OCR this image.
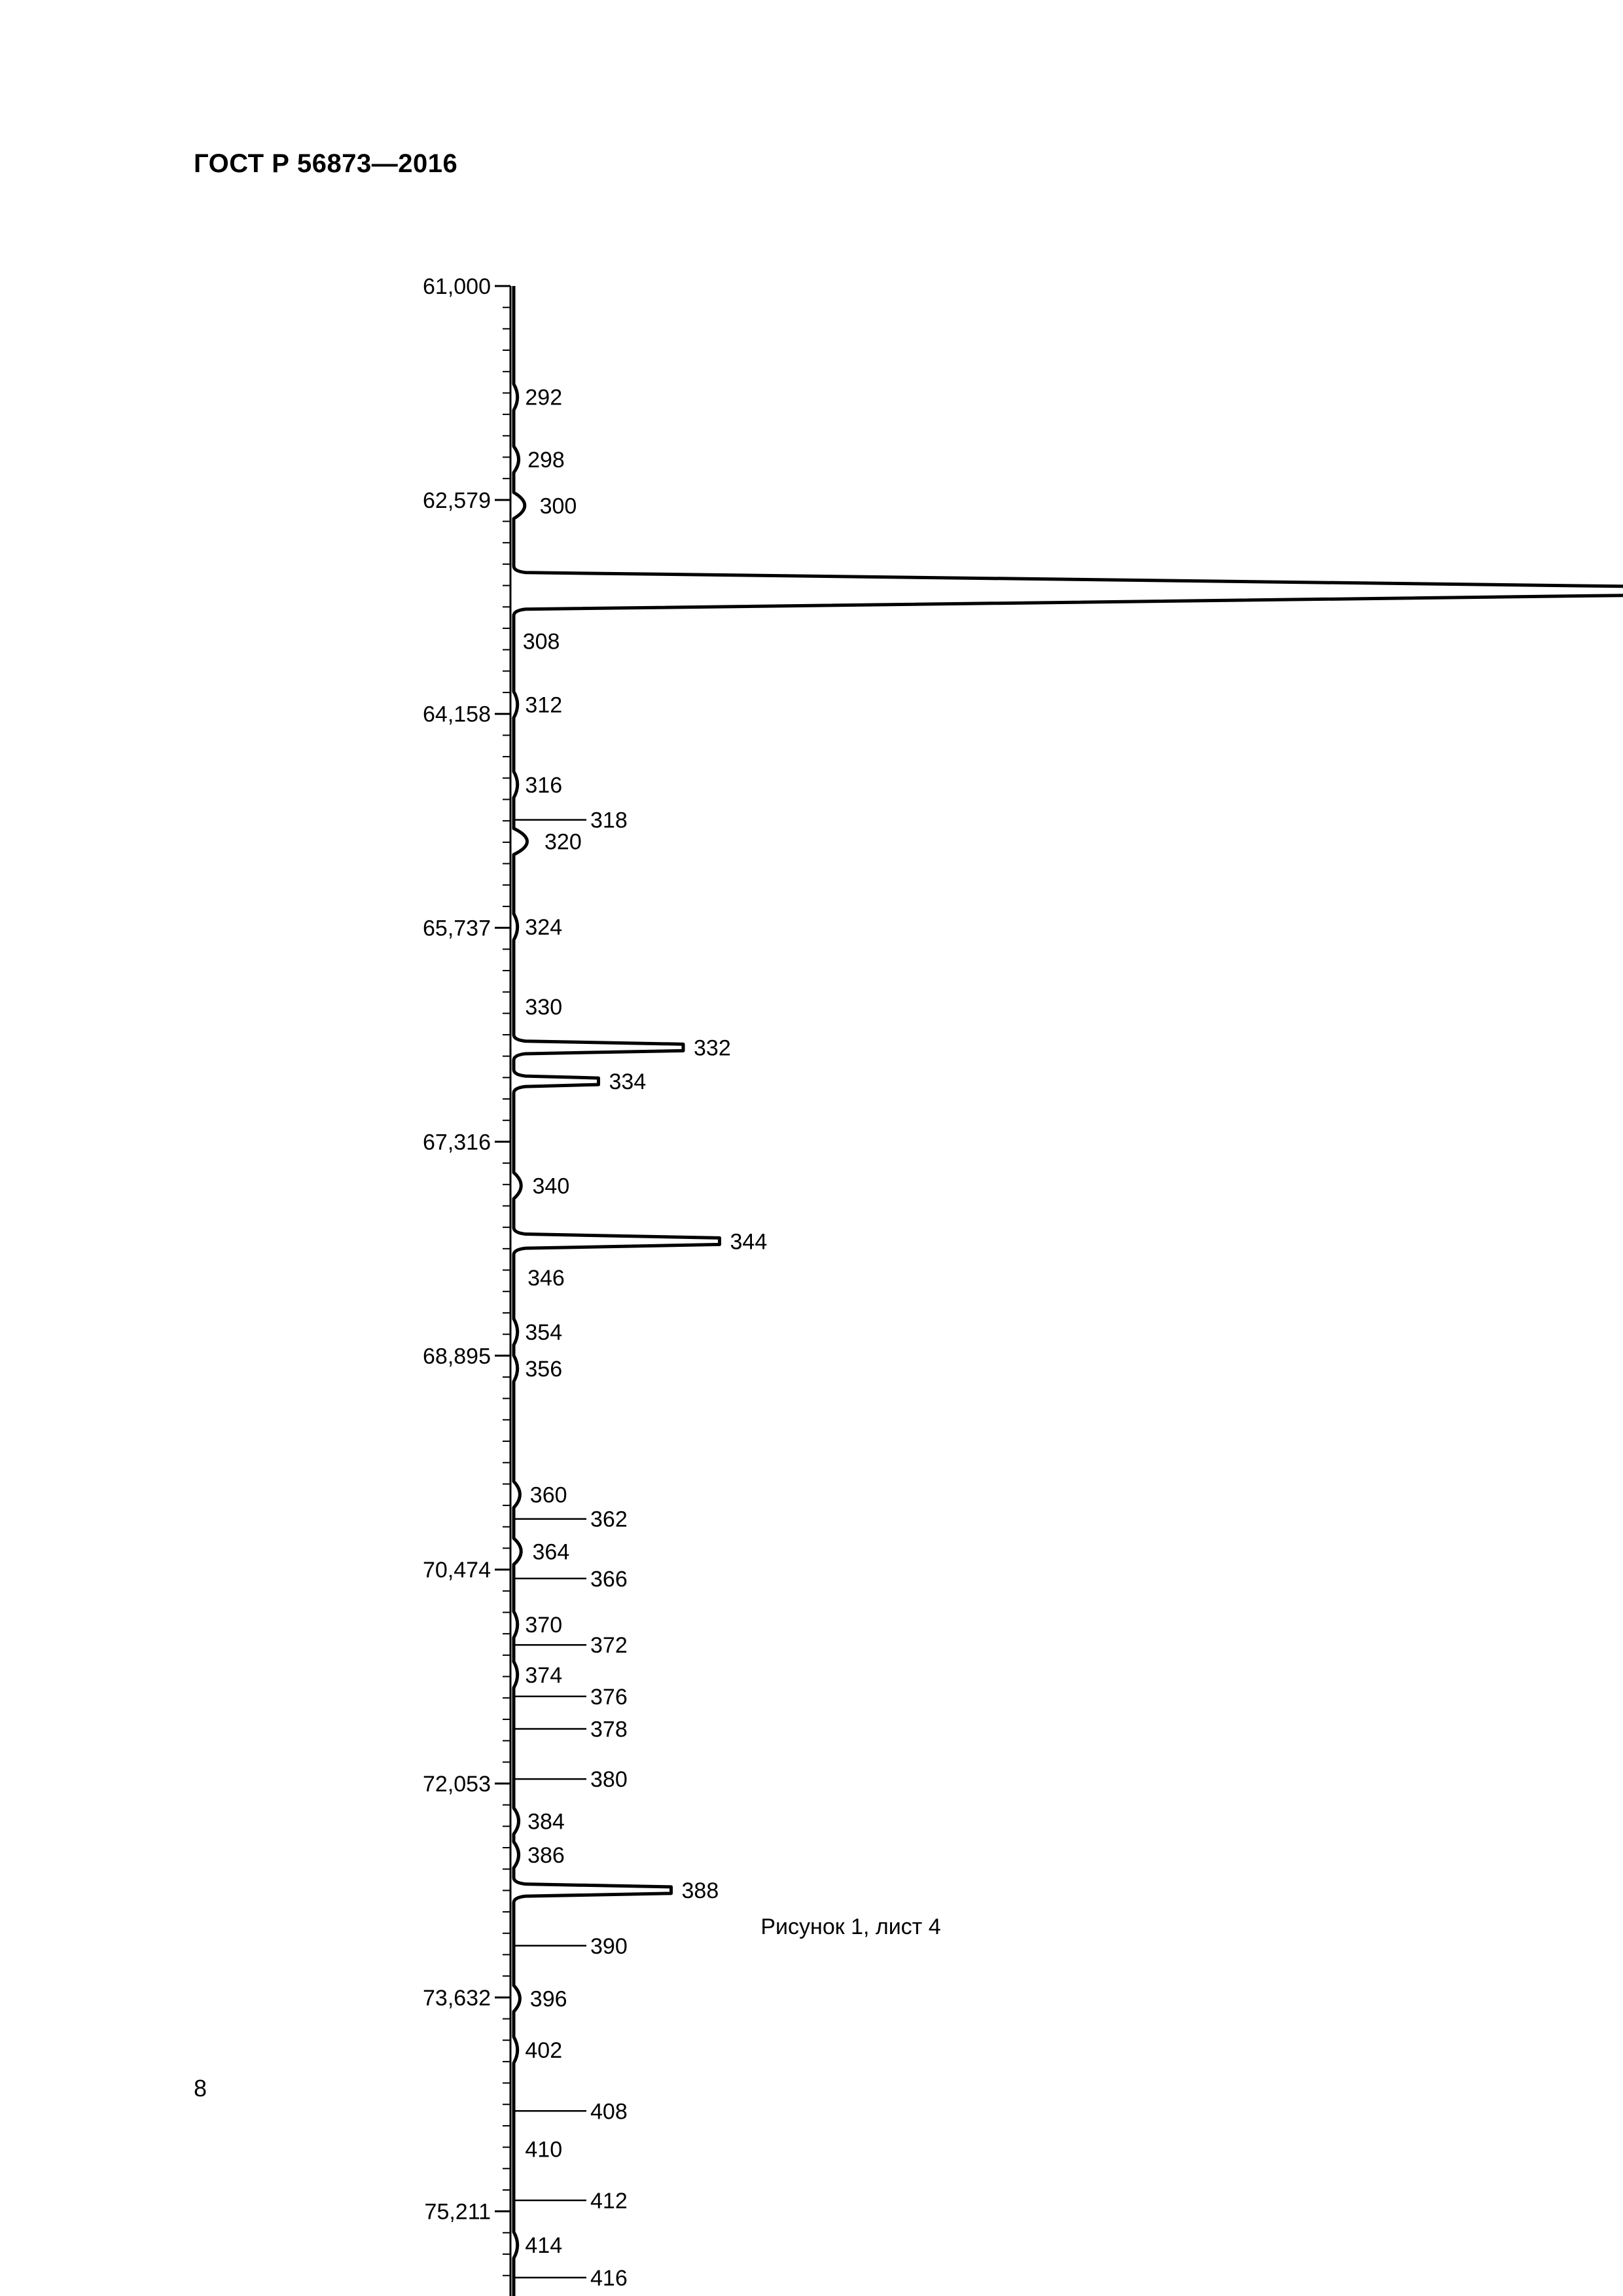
ГОСТ Р 56873—2016
61,000
62,579
64,158
65,737
67,316
68,895
70,474
72,053
73,632
75,211
292
298
300
308
312
316
318
320
324
330
332
334
340
344
346
354
356
360
362
364
366
370
372
374
376
378
380
384
386
388
390
396
402
408
410
412
414
416
Рисунок 1, лист 4
8
